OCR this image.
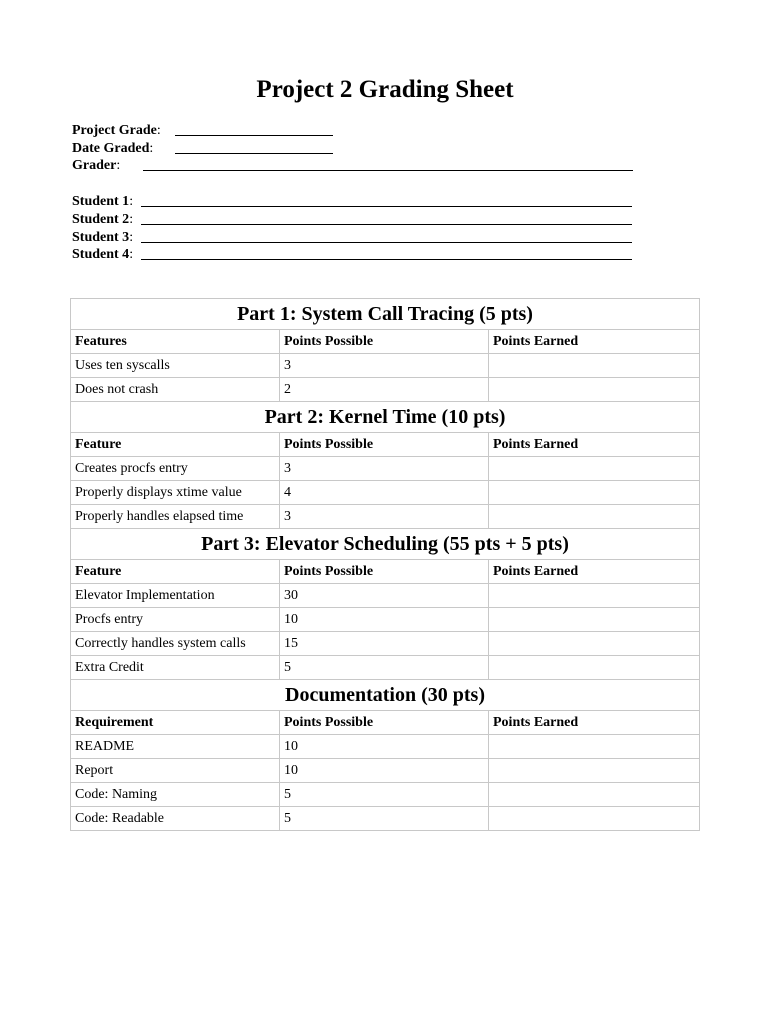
Project 2 Grading Sheet
Project Grade:
Date Graded:
Grader:
Student 1:
Student 2:
Student 3:
Student 4:
Part 1: System Call Tracing (5 pts)		
Features	Points Possible	Points Earned
Uses ten syscalls	3	
Does not crash	2	
Part 2: Kernel Time (10 pts)		
Feature	Points Possible	Points Earned
Creates procfs entry	3	
Properly displays xtime value	4	
Properly handles elapsed time	3	
Part 3: Elevator Scheduling (55 pts + 5 pts)		
Feature	Points Possible	Points Earned
Elevator Implementation	30	
Procfs entry	10	
Correctly handles system calls	15	
Extra Credit	5	
Documentation (30 pts)		
Requirement	Points Possible	Points Earned
README	10	
Report	10	
Code: Naming	5	
Code: Readable	5	
